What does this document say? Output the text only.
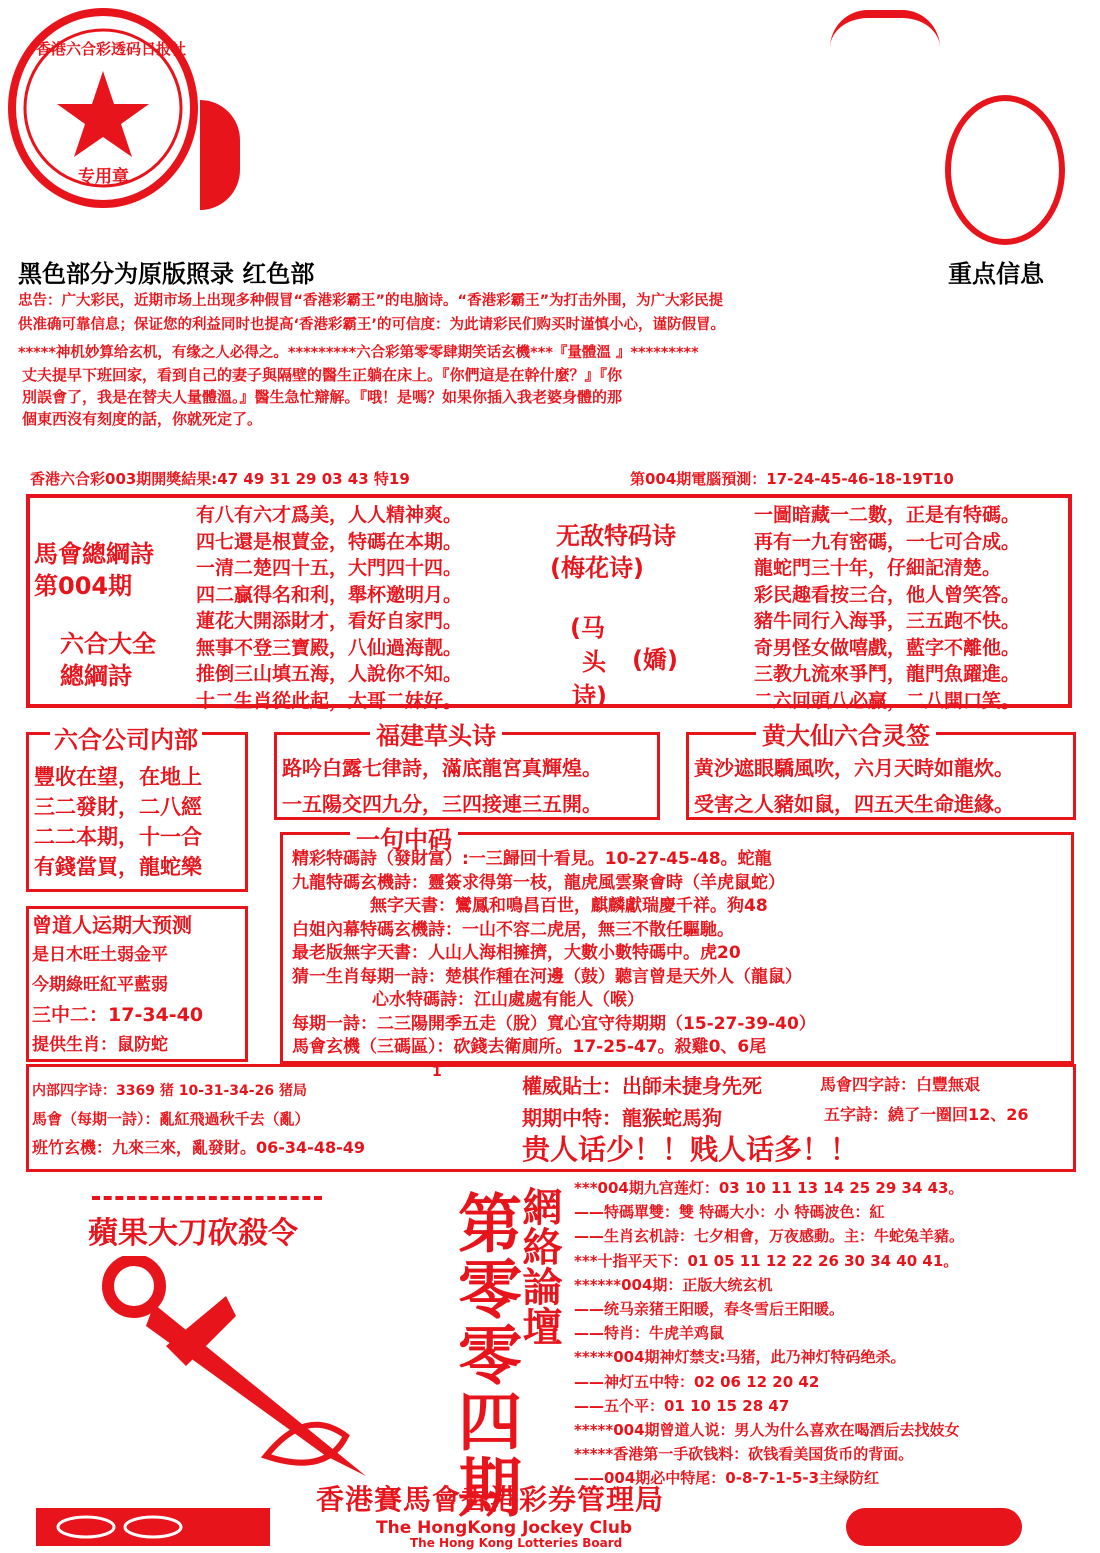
香港六合彩透码日报社
专用章
黑色部分为原版照录 红色部	重点信息
忠告：广大彩民，近期市场上出现多种假冒“香港彩霸王”的电脑诗。“香港彩霸王”为打击外围，为广大彩民提
供准确可靠信息；保证您的利益同时也提高‘香港彩霸王’的可信度：为此请彩民们购买时谨慎小心，谨防假冒。
*****神机妙算给玄机，有缘之人必得之。*********六合彩第零零肆期笑话玄機***『量體溫 』*********
丈夫提早下班回家，看到自己的妻子與隔壁的醫生正躺在床上。『你們這是在幹什麼？』『你
別誤會了，我是在替夫人量體溫。』醫生急忙辯解。『哦！是嗎？如果你插入我老婆身體的那
個東西沒有刻度的話，你就死定了。
香港六合彩003期開獎結果:47 49 31 29 03 43 特19	第004期電腦預測：17-24-45-46-18-19T10
馬會總綱詩
第004期
六合大全
總綱詩
有八有六才爲美，人人精神爽。
四七還是根蕒金，特碼在本期。
一清二楚四十五，大門四十四。
四二贏得名和利，舉杯邀明月。
蓮花大開添財才，看好自家門。
無事不登三寶殿，八仙過海靓。
推倒三山填五海，人說你不知。
十二生肖從此起，大哥二妹好。
无敌特码诗
(梅花诗)
(马
头
诗)
(嬌)
一圖暗藏一二數，正是有特碼。
再有一九有密碼，一七可合成。
龍蛇門三十年，仔細記清楚。
彩民趣看按三合，他人曾笑答。
豬牛同行入海爭，三五跑不快。
奇男怪女做嘻戲，藍字不離他。
三教九流來爭鬥，龍門魚躍進。
二六回頭八必贏，二八開口笑。
六合公司内部
豐收在望，在地上
三二發財，二八經
二二本期，十一合
有錢當買，龍蛇樂
福建草头诗
路吟白露七律詩，滿底龍宮真輝煌。
一五陽交四九分，三四接連三五開。
黄大仙六合灵签
黄沙遮眼驕風吹，六月天時如龍炊。
受害之人豬如鼠，四五天生命進緣。
一句中码
精彩特碼詩（發財富）:一三歸回十看見。10-27-45-48。蛇龍
九龍特碼玄機詩：靈簽求得第一枝，龍虎風雲聚會時（羊虎鼠蛇）
無字天書：鸞鳳和鳴昌百世，麒麟獻瑞慶千祥。狗48
白姐內幕特碼玄機詩：一山不容二虎居，無三不散任驅馳。
最老版無字天書：人山人海相擁擠，大數小數特碼中。虎20
猜一生肖每期一詩：楚棋作種在河邊（鼓）聽言曾是天外人（龍鼠）
心水特碼詩：江山處處有能人（喉）
每期一詩：二三陽開季五走（脫）寬心宜守待期期（15-27-39-40）
馬會玄機（三碼區）：砍錢去衛廁所。17-25-47。殺雞0、6尾
曾道人运期大预测
是日木旺土弱金平
今期綠旺紅平藍弱
三中二：17-34-40
提供生肖：鼠防蛇
内部四字诗：3369 猪 10-31-34-26 猪局
1
馬會（每期一詩）：亂紅飛過秋千去（亂）
班竹玄機：九來三來，亂發財。06-34-48-49
權威貼士：出師未捷身先死	馬會四字詩：白豐無艰
期期中特：龍猴蛇馬狗	五字詩：繞了一圈回12、26
贵人话少！！贱人话多！！
蘋果大刀砍殺令 第零零四期
網絡論壇 ***004期九宫莲灯：03 10 11 13 14 25 29 34 43。
——特碼單雙：雙 特碼大小：小 特碼波色：紅
——生肖玄机詩：七夕相會，万夜感動。主：牛蛇兔羊豬。
***十指平天下：01 05 11 12 22 26 30 34 40 41。
******004期：正版大统玄机
——统马亲猪王阳暖，春冬雪后王阳暖。
——特肖：牛虎羊鸡鼠
*****004期神灯禁支:马猪，此乃神灯特码绝杀。
——神灯五中特：02 06 12 20 42
——五个平：01 10 15 28 47
*****004期曾道人说：男人为什么喜欢在喝酒后去找妓女
*****香港第一手砍钱料：砍钱看美国货币的背面。
——004期必中特尾：0-8-7-1-5-3主绿防红
香港賽馬會香港彩券管理局
The HongKong Jockey Club
The Hong Kong Lotteries Board
